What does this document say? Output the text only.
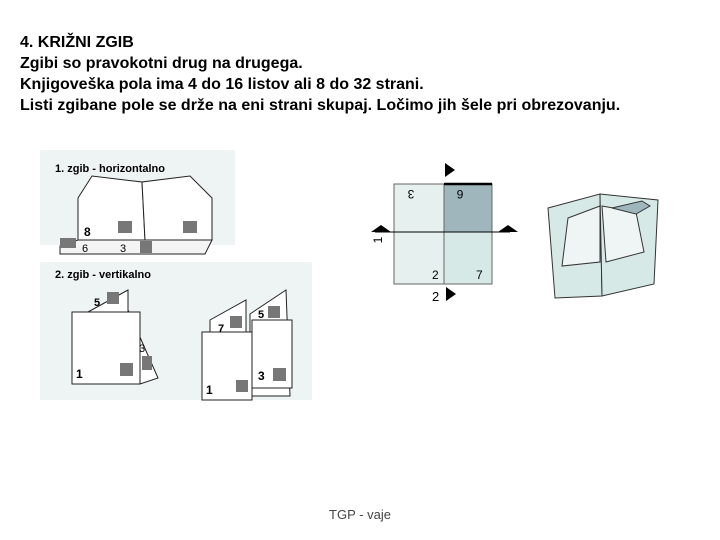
4. KRIŽNI ZGIB
Zgibi so pravokotni drug na drugega.
Knjigoveška pola ima 4 do 16 listov ali 8 do 32 strani.
Listi zgibane pole se drže na eni strani skupaj. Ločimo jih šele pri obrezovanju.
1. zgib - horizontalno
8
6	3
2. zgib - vertikalno
5
3
1
7
5
1
3
3	6
2	7
1
2
TGP - vaje
